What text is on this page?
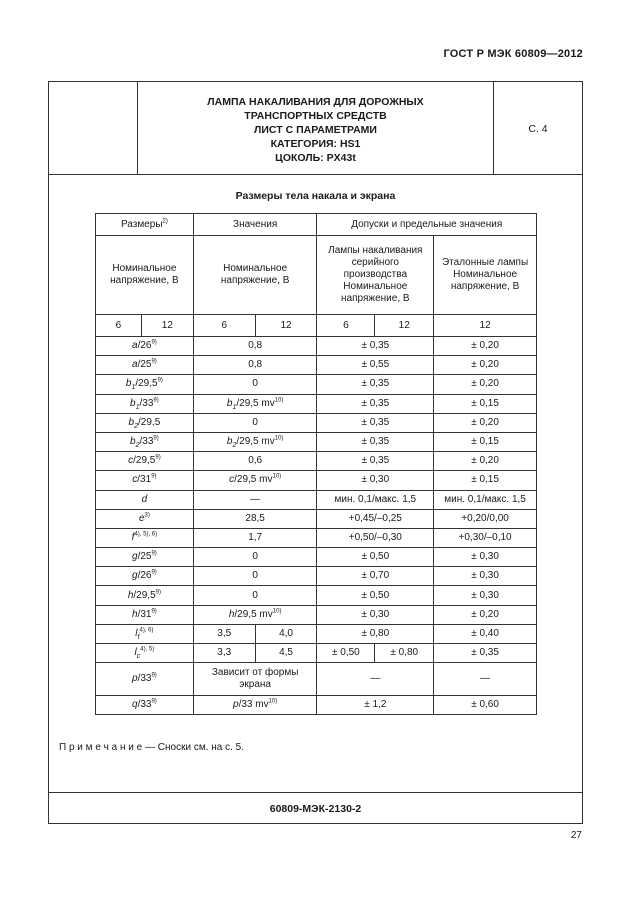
ГОСТ Р МЭК 60809—2012
ЛАМПА НАКАЛИВАНИЯ ДЛЯ ДОРОЖНЫХ
ТРАНСПОРТНЫХ СРЕДСТВ
ЛИСТ С ПАРАМЕТРАМИ
КАТЕГОРИЯ: HS1
ЦОКОЛЬ: PX43t
С. 4
Размеры тела накала и экрана
Размеры$^{2)}$		Значения		Допуски и предельные значения		
Номинальное напряжение, В		Номинальное напряжение, В		Лампы накаливания серийного производства Номинальное напряжение, В		Эталонные лампы Номинальное напряжение, В
6	12	6	12	6	12	12
a/26$^{9)}$		0,8		± 0,35		± 0,20
a/25$^{9)}$		0,8		± 0,55		± 0,20
$b_1/29,5^{9)}$		0		± 0,35		± 0,20
$b_1/33^{9)}$		$b_1/29,5$ $mv^{10)}$		± 0,35		± 0,15
$b_2/29,5$		0		± 0,35		± 0,20
$b_2/33^{9)}$		$b_2/29,5$ $mv^{10)}$		± 0,35		± 0,15
c/29,5$^{9)}$		0,6		± 0,35		± 0,20
c/31$^{9)}$		c/29,5 $mv^{10)}$		± 0,30		± 0,15
d		—		мин. 0,1/макс. 1,5		мин. 0,1/макс. 1,5
$e^{3)}$		28,5		+0,45/–0,25		+0,20/0,00
$f^{4), 5), 6)}$		1,7		+0,50/–0,30		+0,30/–0,10
g/25$^{9)}$		0		± 0,50		± 0,30
g/26$^{9)}$		0		± 0,70		± 0,30
h/29,5$^{9)}$		0		± 0,50		± 0,30
h/31$^{9)}$		h/29,5 $mv^{10)}$		± 0,30		± 0,20
$l_f^{4), 6)}$		3,5	4,0	± 0,80		± 0,40
$l_c^{4), 5)}$		3,3	4,5	± 0,50	± 0,80	± 0,35
p/33$^{9)}$		Зависит от формы экрана		—		—
q/33$^{9)}$		p/33 $mv^{10)}$		± 1,2		± 0,60
П р и м е ч а н и е — Сноски см. на с. 5.
60809-МЭК-2130-2
27
